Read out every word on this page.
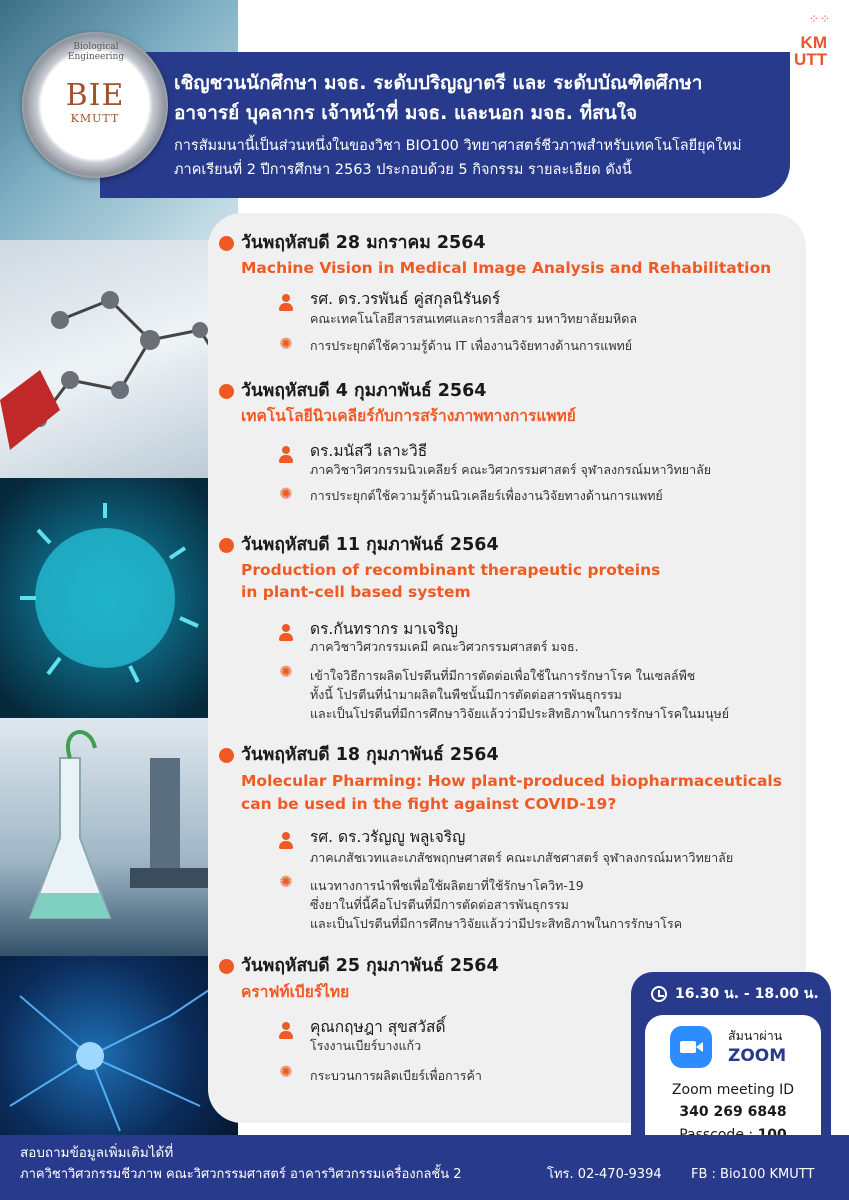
Biological Engineering
BIE
KMUTT
⁘⁘
KM
UTT
เชิญชวนนักศึกษา มจธ. ระดับปริญญาตรี และ ระดับบัณฑิตศึกษา
อาจารย์ บุคลากร เจ้าหน้าที่ มจธ. และนอก มจธ. ที่สนใจ
การสัมมนานี้เป็นส่วนหนึ่งในของวิชา BIO100 วิทยาศาสตร์ชีวภาพสำหรับเทคโนโลยียุคใหม่
ภาคเรียนที่ 2 ปีการศึกษา 2563 ประกอบด้วย 5 กิจกรรม รายละเอียด ดังนี้
วันพฤหัสบดี 28 มกราคม 2564
Machine Vision in Medical Image Analysis and Rehabilitation
รศ. ดร.วรพันธ์ คู่สกุลนิรันดร์
คณะเทคโนโลยีสารสนเทศและการสื่อสาร มหาวิทยาลัยมหิดล
✺ การประยุกต์ใช้ความรู้ด้าน IT เพื่องานวิจัยทางด้านการแพทย์
วันพฤหัสบดี 4 กุมภาพันธ์ 2564
เทคโนโลยีนิวเคลียร์กับการสร้างภาพทางการแพทย์
ดร.มนัสวี เลาะวิธี
ภาควิชาวิศวกรรมนิวเคลียร์ คณะวิศวกรรมศาสตร์ จุฬาลงกรณ์มหาวิทยาลัย
✺ การประยุกต์ใช้ความรู้ด้านนิวเคลียร์เพื่องานวิจัยทางด้านการแพทย์
วันพฤหัสบดี 11 กุมภาพันธ์ 2564
Production of recombinant therapeutic proteins
in plant-cell based system
ดร.กันทรากร มาเจริญ
ภาควิชาวิศวกรรมเคมี คณะวิศวกรรมศาสตร์ มจธ.
✺ เข้าใจวิธีการผลิตโปรตีนที่มีการตัดต่อเพื่อใช้ในการรักษาโรค ในเซลล์พืช
ทั้งนี้ โปรตีนที่นำมาผลิตในพืชนั้นมีการตัดต่อสารพันธุกรรม
และเป็นโปรตีนที่มีการศึกษาวิจัยแล้วว่ามีประสิทธิภาพในการรักษาโรคในมนุษย์
วันพฤหัสบดี 18 กุมภาพันธ์ 2564
Molecular Pharming: How plant-produced biopharmaceuticals
can be used in the fight against COVID-19?
รศ. ดร.วรัญญู พลูเจริญ
ภาคเภสัชเวทและเภสัชพฤกษศาสตร์ คณะเภสัชศาสตร์ จุฬาลงกรณ์มหาวิทยาลัย
✺ แนวทางการนำพืชเพื่อใช้ผลิตยาที่ใช้รักษาโควิท-19
ซึ่งยาในที่นี้คือโปรตีนที่มีการตัดต่อสารพันธุกรรม
และเป็นโปรตีนที่มีการศึกษาวิจัยแล้วว่ามีประสิทธิภาพในการรักษาโรค
วันพฤหัสบดี 25 กุมภาพันธ์ 2564
คราฟท์เบียร์ไทย
คุณกฤษฎา สุขสวัสดิ์
โรงงานเบียร์บางแก้ว
✺ กระบวนการผลิตเบียร์เพื่อการค้า
16.30 น. - 18.00 น.
สัมนาผ่าน
ZOOM
Zoom meeting ID
340 269 6848
สอบถามข้อมูลเพิ่มเติมได้ที่
ภาควิชาวิศวกรรมชีวภาพ คณะวิศวกรรมศาสตร์ อาคารวิศวกรรมเครื่องกลชั้น 2	โทร. 02-470-9394 FB : Bio100 KMUTT
